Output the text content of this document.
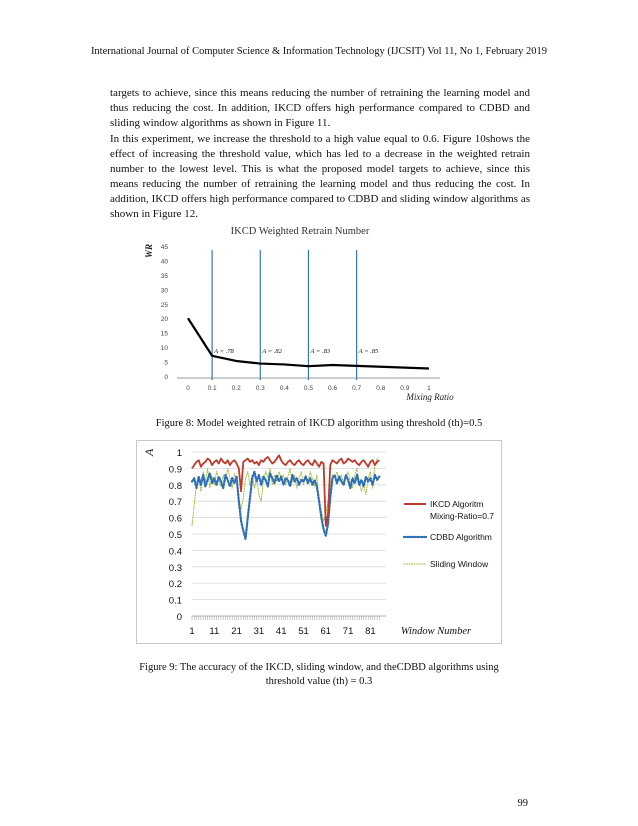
International Journal of Computer Science & Information Technology (IJCSIT) Vol 11, No 1, February 2019

targets to achieve, since this means reducing the number of retraining the learning model and thus reducing the cost. In addition, IKCD offers high performance compared to CDBD and sliding window algorithms as shown in Figure 11.

In this experiment, we increase the threshold to a high value equal to 0.6. Figure 10shows the effect of increasing the threshold value, which has led to a decrease in the weighted retrain number to the lowest level. This is what the proposed model targets to achieve, since this means reducing the number of retraining the learning model and thus reducing the cost. In addition, IKCD offers high performance compared to CDBD and sliding window algorithms as shown in Figure 12.

IKCD Weighted Retrain Number
WR
0
5
10
15
20
25
30
35
40
45
0	0.1 0.2 0.3 0.4 0.5 0.6 0.7 0.8 0.9	1
A = .78	A = .82	A = .83	A = .85
Mixing Ratio
Figure 8: Model weighted retrain of IKCD algorithm using threshold (th)=0.5
A
0
0.1
0.2
0.3
0.4
0.5
0.6
0.7
0.8
0.9
1
1 11 21 31 41 51 61 71 81
IKCD Algoritm
Mixing-Ratio=0.7
CDBD Algorithm
Sliding Window
Window Number
Figure 9: The accuracy of the IKCD, sliding window, and theCDBD algorithms using
threshold value (th) = 0.3
99
